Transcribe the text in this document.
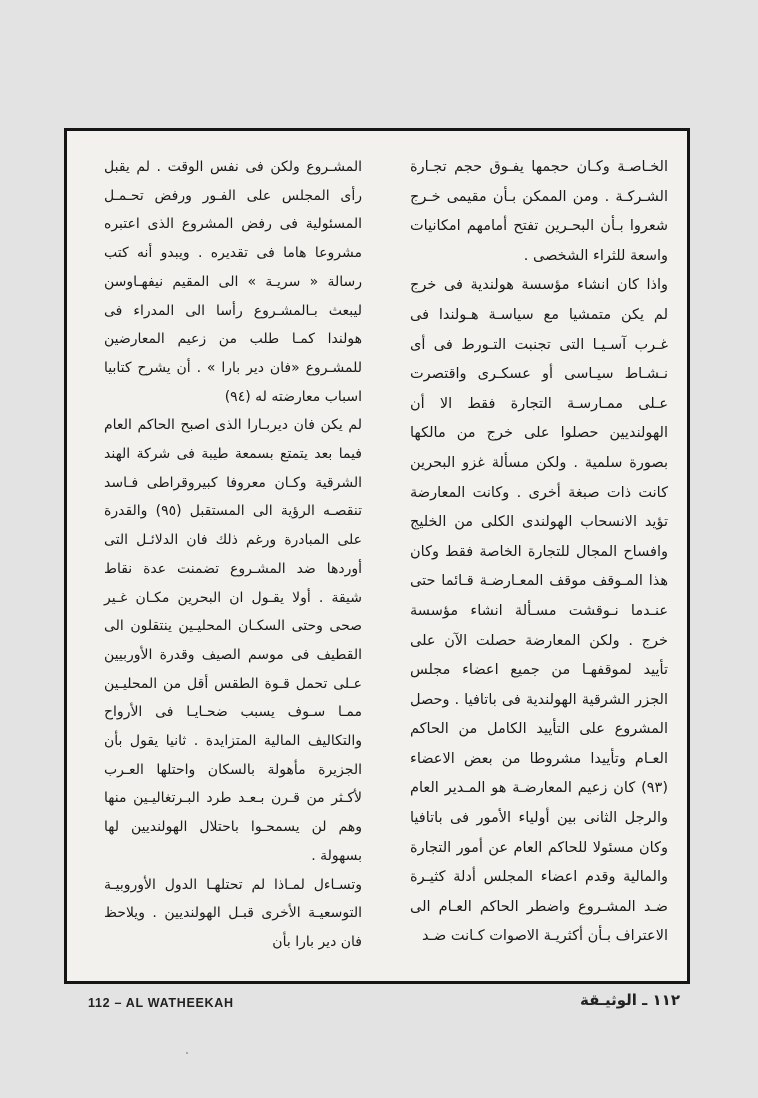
الخـاصـة وكـان حجمها يفـوق حجم تجـارة الشـركـة . ومن الممكن بـأن مقيمى خـرج شعروا بـأن البحـرين تفتح أمامهم امكانيات واسعة للثراء الشخصى .

واذا كان انشاء مؤسسة هولندية فى خرج لم يكن متمشيا مع سياسـة هـولندا فى غـرب آسـيـا التى تجنبت التـورط فى أى نـشـاط سيـاسى أو عسكـرى واقتصرت عـلى ممـارسـة التجارة فقط الا أن الهولنديين حصلوا على خرج من مالكها بصورة سلمية . ولكن مسألة غزو البحرين كانت ذات صبغة أخرى . وكانت المعارضة تؤيد الانسحاب الهولندى الكلى من الخليج وافساح المجال للتجارة الخاصة فقط وكان هذا المـوقف موقف المعـارضـة قـائما حتى عنـدما نـوقشت مسـألة انشاء مؤسسة خرج . ولكن المعارضة حصلت الآن على تأييد لموقفهـا من جميع اعضاء مجلس الجزر الشرقية الهولندية فى باتافيا . وحصل المشروع على التأييد الكامل من الحاكم العـام وتأييدا مشروطا من بعض الاعضاء (٩٣) كان زعيم المعارضـة هو المـدير العام والرجل الثانى بين أولياء الأمور فى باتافيا وكان مسئولا للحاكم العام عن أمور التجارة والمالية وقدم اعضاء المجلس أدلة كثيـرة ضـد المشـروع واضطر الحاكم العـام الى الاعتراف بـأن أكثريـة الاصوات كـانت ضـد

المشـروع ولكن فى نفس الوقت . لم يقبل رأى المجلس على الفـور ورفض تحـمـل المسئولية فى رفض المشروع الذى اعتبره مشروعا هاما فى تقديره . ويبدو أنه كتب رسالة « سريـة » الى المقيم نيفهـاوسن ليبعث بـالمشـروع رأسا الى المدراء فى هولندا كمـا طلب من زعيم المعارضين للمشـروع «فان دير بارا » . أن يشرح كتابيا اسباب معارضته له (٩٤)

لم يكن فان ديربـارا الذى اصبح الحاكم العام فيما بعد يتمتع بسمعة طيبة فى شركة الهند الشرقية وكـان معروفا كبيروقراطى فـاسد تنقصـه الرؤية الى المستقبل (٩٥) والقدرة على المبادرة ورغم ذلك فان الدلائـل التى أوردها ضد المشـروع تضمنت عدة نقاط شيقة . أولا يقـول ان البحرين مكـان غـير صحى وحتى السكـان المحليـين ينتقلون الى القطيف فى موسم الصيف وقدرة الأوربيين عـلى تحمل قـوة الطقس أقل من المحليـين ممـا سـوف يسبب ضحـايـا فى الأرواح والتكاليف المالية المتزايدة . ثانيا يقول بأن الجزيرة مأهولة بالسكان واحتلها العـرب لأكـثر من قـرن بـعـد طرد البـرتغاليـين منها وهم لن يسمحـوا باحتلال الهولنديين لها بسهولة .

وتسـاءل لمـاذا لم تحتلهـا الدول الأوروبيـة التوسعيـة الأخرى قبـل الهولنديين . ويلاحظ فان دير بارا بأن

112 – AL WATHEEKAH	١١٢ ـ الوثيـقة
